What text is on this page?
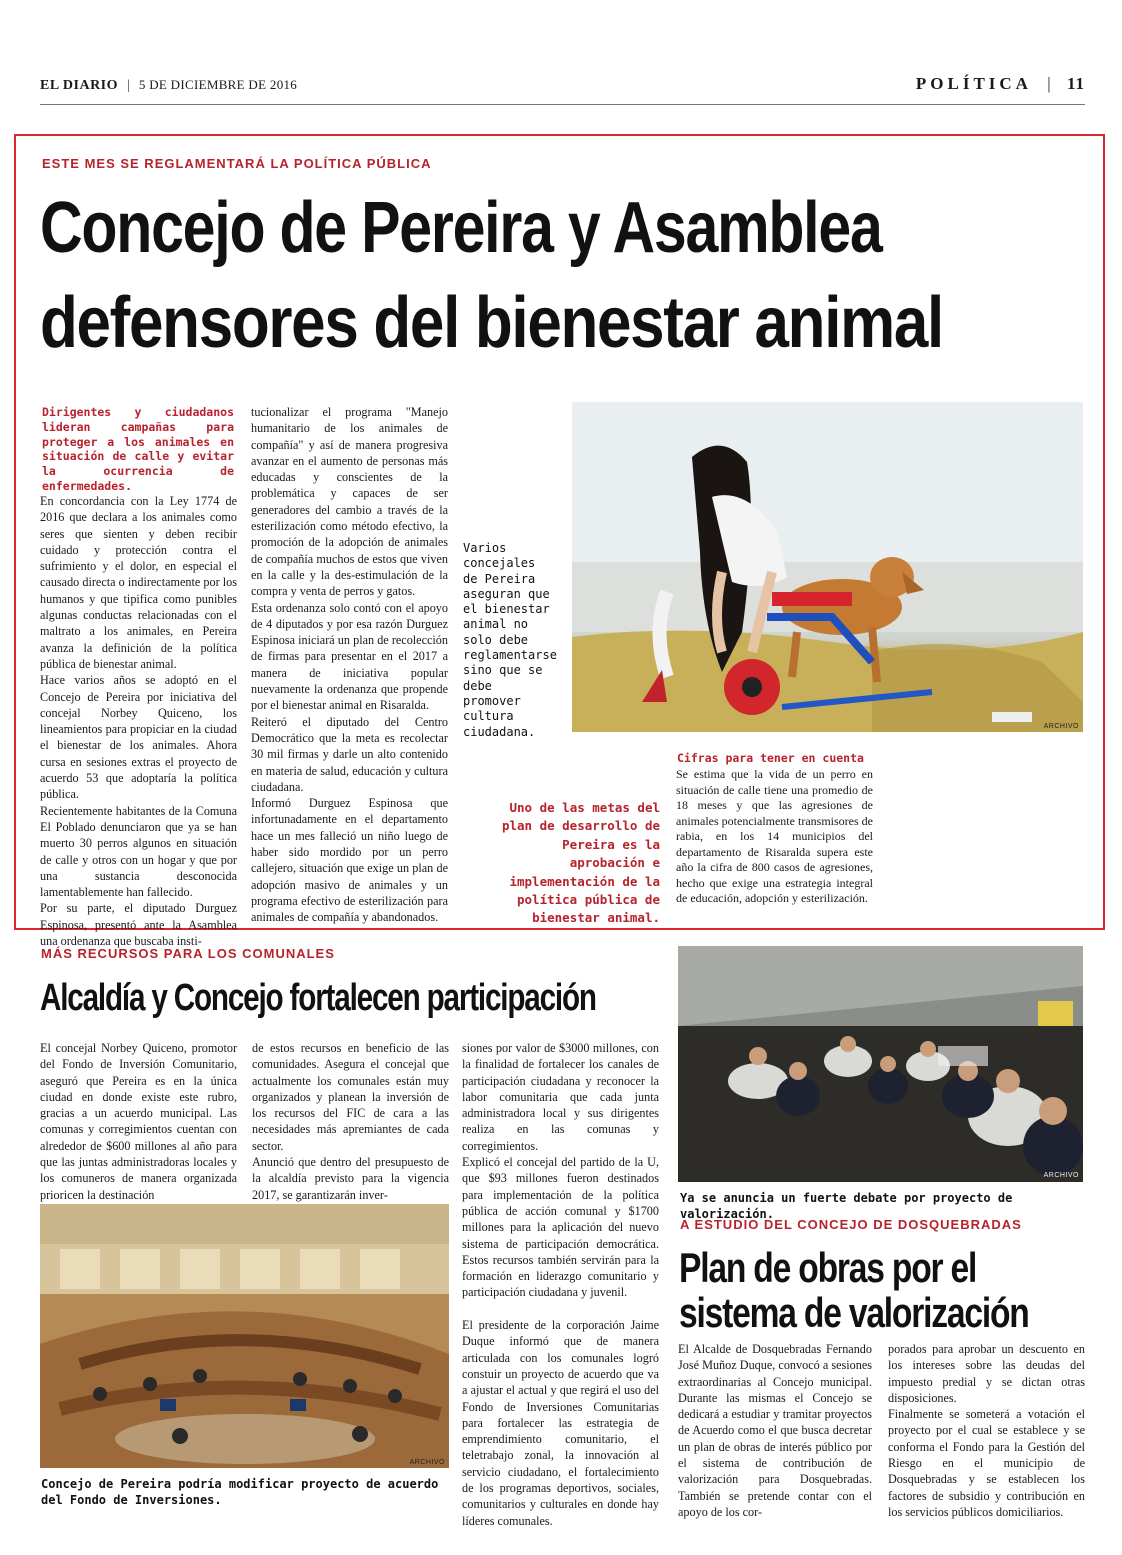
EL DIARIO | 5 DE DICIEMBRE DE 2016	POLÍTICA | 11
ESTE MES SE REGLAMENTARÁ LA POLÍTICA PÚBLICA
Concejo de Pereira y Asamblea
defensores del bienestar animal
Dirigentes y ciudadanos lideran campañas para proteger a los animales en situación de calle y evitar la ocurrencia de enfermedades.
En concordancia con la Ley 1774 de 2016 que declara a los animales como seres que sienten y deben recibir cuidado y protección contra el sufrimiento y el dolor, en especial el causado directa o indirectamente por los humanos y que tipifica como punibles algunas conductas relacionadas con el maltrato a los animales, en Pereira avanza la definición de la política pública de bienestar animal.
Hace varios años se adoptó en el Concejo de Pereira por iniciativa del concejal Norbey Quiceno, los lineamientos para propiciar en la ciudad el bienestar de los animales. Ahora cursa en sesiones extras el proyecto de acuerdo 53 que adoptaría la política pública.
Recientemente habitantes de la Comuna El Poblado denunciaron que ya se han muerto 30 perros algunos en situación de calle y otros con un hogar y que por una sustancia desconocida lamentablemente han fallecido.
Por su parte, el diputado Durguez Espinosa, presentó ante la Asamblea una ordenanza que buscaba insti-
tucionalizar el programa "Manejo humanitario de los animales de compañía" y así de manera progresiva avanzar en el aumento de personas más educadas y conscientes de la problemática y capaces de ser generadores del cambio a través de la esterilización como método efectivo, la promoción de la adopción de animales de compañía muchos de estos que viven en la calle y la des-estimulación de la compra y venta de perros y gatos.
Esta ordenanza solo contó con el apoyo de 4 diputados y por esa razón Durguez Espinosa iniciará un plan de recolección de firmas para presentar en el 2017 a manera de iniciativa popular nuevamente la ordenanza que propende por el bienestar animal en Risaralda.
Reiteró el diputado del Centro Democrático que la meta es recolectar 30 mil firmas y darle un alto contenido en materia de salud, educación y cultura ciudadana.
Informó Durguez Espinosa que infortunadamente en el departamento hace un mes falleció un niño luego de haber sido mordido por un perro callejero, situación que exige un plan de adopción masivo de animales y un programa efectivo de esterilización para animales de compañía y abandonados.
Varios concejales de Pereira aseguran que el bienestar animal no solo debe reglamentarse sino que se debe promover cultura ciudadana.	ARCHIVO
Uno de las metas del plan de desarrollo de Pereira es la aprobación e implementación de la política pública de bienestar animal.
Cifras para tener en cuenta
Se estima que la vida de un perro en situación de calle tiene una promedio de 18 meses y que las agresiones de animales potencialmente transmisores de rabia, en los 14 municipios del departamento de Risaralda supera este año la cifra de 800 casos de agresiones, hecho que exige una estrategia integral de educación, adopción y esterilización.
MÁS RECURSOS PARA LOS COMUNALES
Alcaldía y Concejo fortalecen participación
El concejal Norbey Quiceno, promotor del Fondo de Inversión Comunitario, aseguró que Pereira es en la única ciudad en donde existe este rubro, gracias a un acuerdo municipal. Las comunas y corregimientos cuentan con alrededor de $600 millones al año para que las juntas administradoras locales y los comuneros de manera organizada prioricen la destinación
de estos recursos en beneficio de las comunidades. Asegura el concejal que actualmente los comunales están muy organizados y planean la inversión de los recursos del FIC de cara a las necesidades más apremiantes de cada sector.
Anunció que dentro del presupuesto de la alcaldía previsto para la vigencia 2017, se garantizarán inver-
siones por valor de $3000 millones, con la finalidad de fortalecer los canales de participación ciudadana y reconocer la labor comunitaria que cada junta administradora local y sus dirigentes realiza en las comunas y corregimientos.
Explicó el concejal del partido de la U, que $93 millones fueron destinados para implementación de la política pública de acción comunal y $1700 millones para la aplicación del nuevo sistema de participación democrática. Estos recursos también servirán para la formación en liderazgo comunitario y participación ciudadana y juvenil.

El presidente de la corporación Jaime Duque informó que de manera articulada con los comunales logró constuir un proyecto de acuerdo que va a ajustar el actual y que regirá el uso del Fondo de Inversiones Comunitarias para fortalecer las estrategia de emprendimiento comunitario, el teletrabajo zonal, la innovación al servicio ciudadano, el fortalecimiento de los programas deportivos, sociales, comunitarios y culturales en donde hay líderes comunales.
ARCHIVO
Concejo de Pereira podría modificar proyecto de acuerdo del Fondo de Inversiones.
ARCHIVO
Ya se anuncia un fuerte debate por proyecto de valorización.
A ESTUDIO DEL CONCEJO DE DOSQUEBRADAS
Plan de obras por el
sistema de valorización
El Alcalde de Dosquebradas Fernando José Muñoz Duque, convocó a sesiones extraordinarias al Concejo municipal. Durante las mismas el Concejo se dedicará a estudiar y tramitar proyectos de Acuerdo como el que busca decretar un plan de obras de interés público por el sistema de contribución de valorización para Dosquebradas. También se pretende contar con el apoyo de los cor-
porados para aprobar un descuento en los intereses sobre las deudas del impuesto predial y se dictan otras disposiciones.
Finalmente se someterá a votación el proyecto por el cual se establece y se conforma el Fondo para la Gestión del Riesgo en el municipio de Dosquebradas y se establecen los factores de subsidio y contribución en los servicios públicos domiciliarios.
